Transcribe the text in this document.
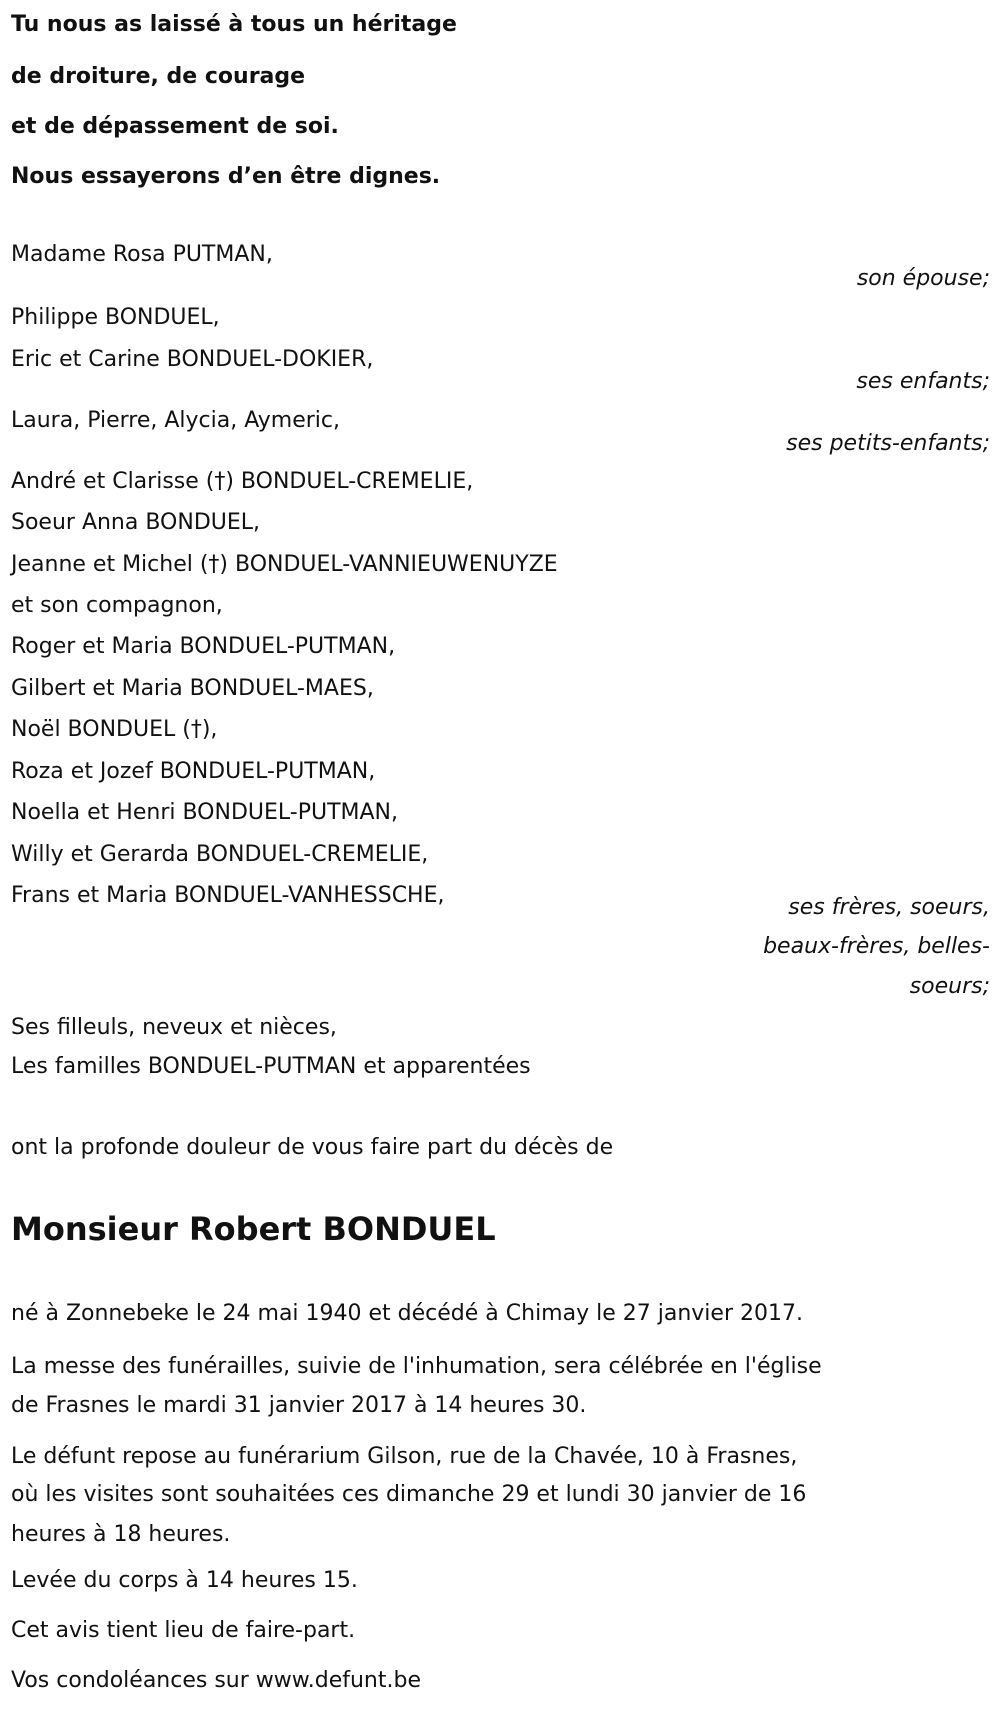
Tu nous as laissé à tous un héritage
de droiture, de courage
et de dépassement de soi.
Nous essayerons d’en être dignes.
Madame Rosa PUTMAN,
son épouse;
Philippe BONDUEL,
Eric et Carine BONDUEL-DOKIER,
ses enfants;
Laura, Pierre, Alycia, Aymeric,
ses petits-enfants;
André et Clarisse (†) BONDUEL-CREMELIE,
Soeur Anna BONDUEL,
Jeanne et Michel (†) BONDUEL-VANNIEUWENUYZE
et son compagnon,
Roger et Maria BONDUEL-PUTMAN,
Gilbert et Maria BONDUEL-MAES,
Noël BONDUEL (†),
Roza et Jozef BONDUEL-PUTMAN,
Noella et Henri BONDUEL-PUTMAN,
Willy et Gerarda BONDUEL-CREMELIE,
Frans et Maria BONDUEL-VANHESSCHE,	ses frères, soeurs,
beaux-frères, belles-
soeurs;
Ses filleuls, neveux et nièces,
Les familles BONDUEL-PUTMAN et apparentées
ont la profonde douleur de vous faire part du décès de
Monsieur Robert BONDUEL
né à Zonnebeke le 24 mai 1940 et décédé à Chimay le 27 janvier 2017.
La messe des funérailles, suivie de l'inhumation, sera célébrée en l'église
de Frasnes le mardi 31 janvier 2017 à 14 heures 30.
Le défunt repose au funérarium Gilson, rue de la Chavée, 10 à Frasnes,
où les visites sont souhaitées ces dimanche 29 et lundi 30 janvier de 16
heures à 18 heures.
Levée du corps à 14 heures 15.
Cet avis tient lieu de faire-part.
Vos condoléances sur www.defunt.be
